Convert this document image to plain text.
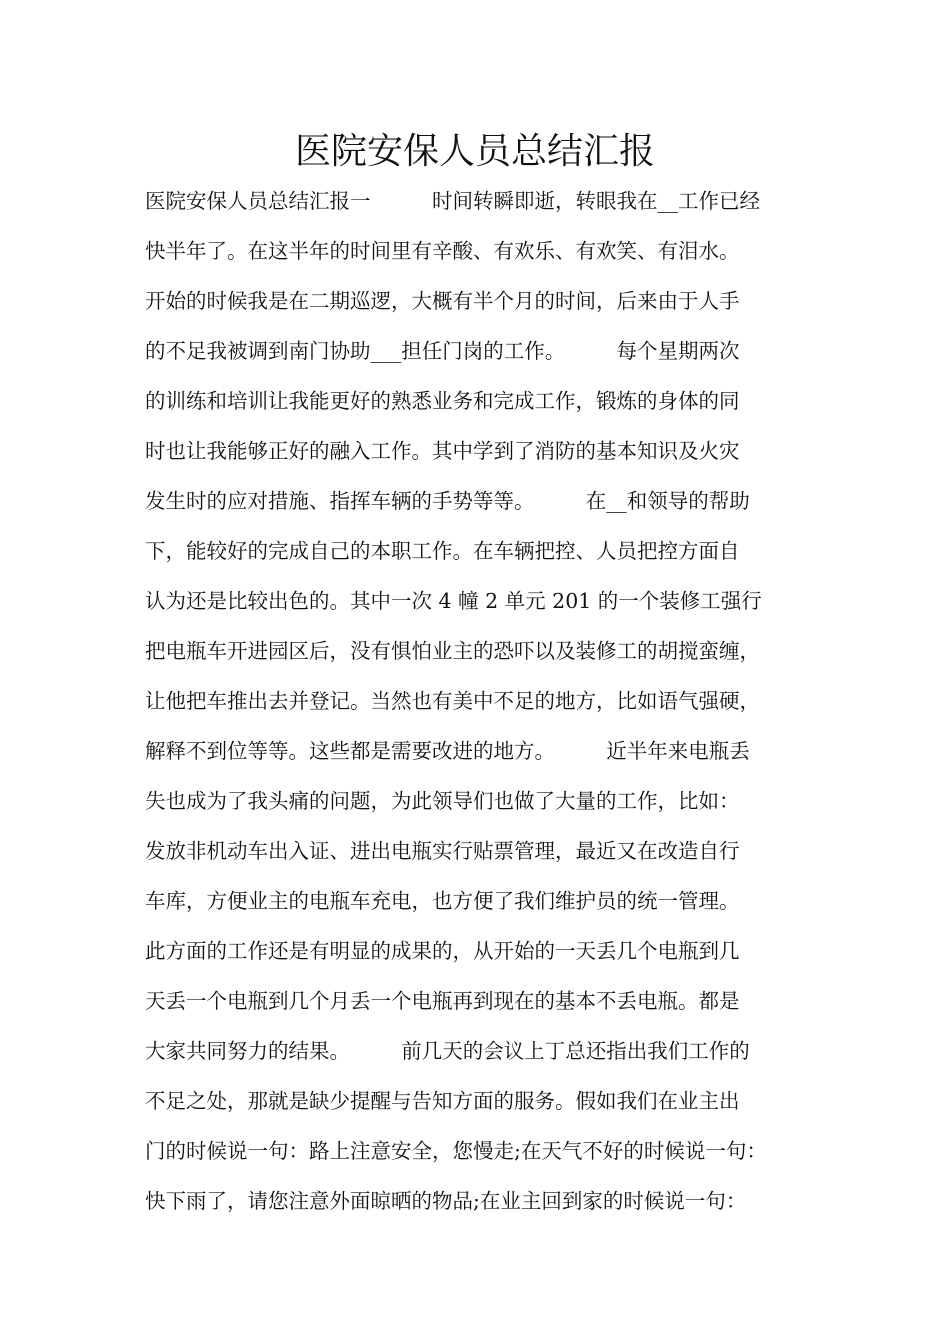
医院安保人员总结汇报
医院安保人员总结汇报一　　　时间转瞬即逝，转眼我在__工作已经
快半年了。在这半年的时间里有辛酸、有欢乐、有欢笑、有泪水。
开始的时候我是在二期巡逻，大概有半个月的时间，后来由于人手
的不足我被调到南门协助___担任门岗的工作。　　　每个星期两次
的训练和培训让我能更好的熟悉业务和完成工作，锻炼的身体的同
时也让我能够正好的融入工作。其中学到了消防的基本知识及火灾
发生时的应对措施、指挥车辆的手势等等。　　　在__和领导的帮助
下，能较好的完成自己的本职工作。在车辆把控、人员把控方面自
认为还是比较出色的。其中一次 4 幢 2 单元 201 的一个装修工强行
把电瓶车开进园区后，没有惧怕业主的恐吓以及装修工的胡搅蛮缠，
让他把车推出去并登记。当然也有美中不足的地方，比如语气强硬，
解释不到位等等。这些都是需要改进的地方。　　　近半年来电瓶丢
失也成为了我头痛的问题，为此领导们也做了大量的工作，比如：
发放非机动车出入证、进出电瓶实行贴票管理，最近又在改造自行
车库，方便业主的电瓶车充电，也方便了我们维护员的统一管理。
此方面的工作还是有明显的成果的，从开始的一天丢几个电瓶到几
天丢一个电瓶到几个月丢一个电瓶再到现在的基本不丢电瓶。都是
大家共同努力的结果。　　　前几天的会议上丁总还指出我们工作的
不足之处，那就是缺少提醒与告知方面的服务。假如我们在业主出
门的时候说一句：路上注意安全，您慢走;在天气不好的时候说一句：
快下雨了，请您注意外面晾晒的物品;在业主回到家的时候说一句：
